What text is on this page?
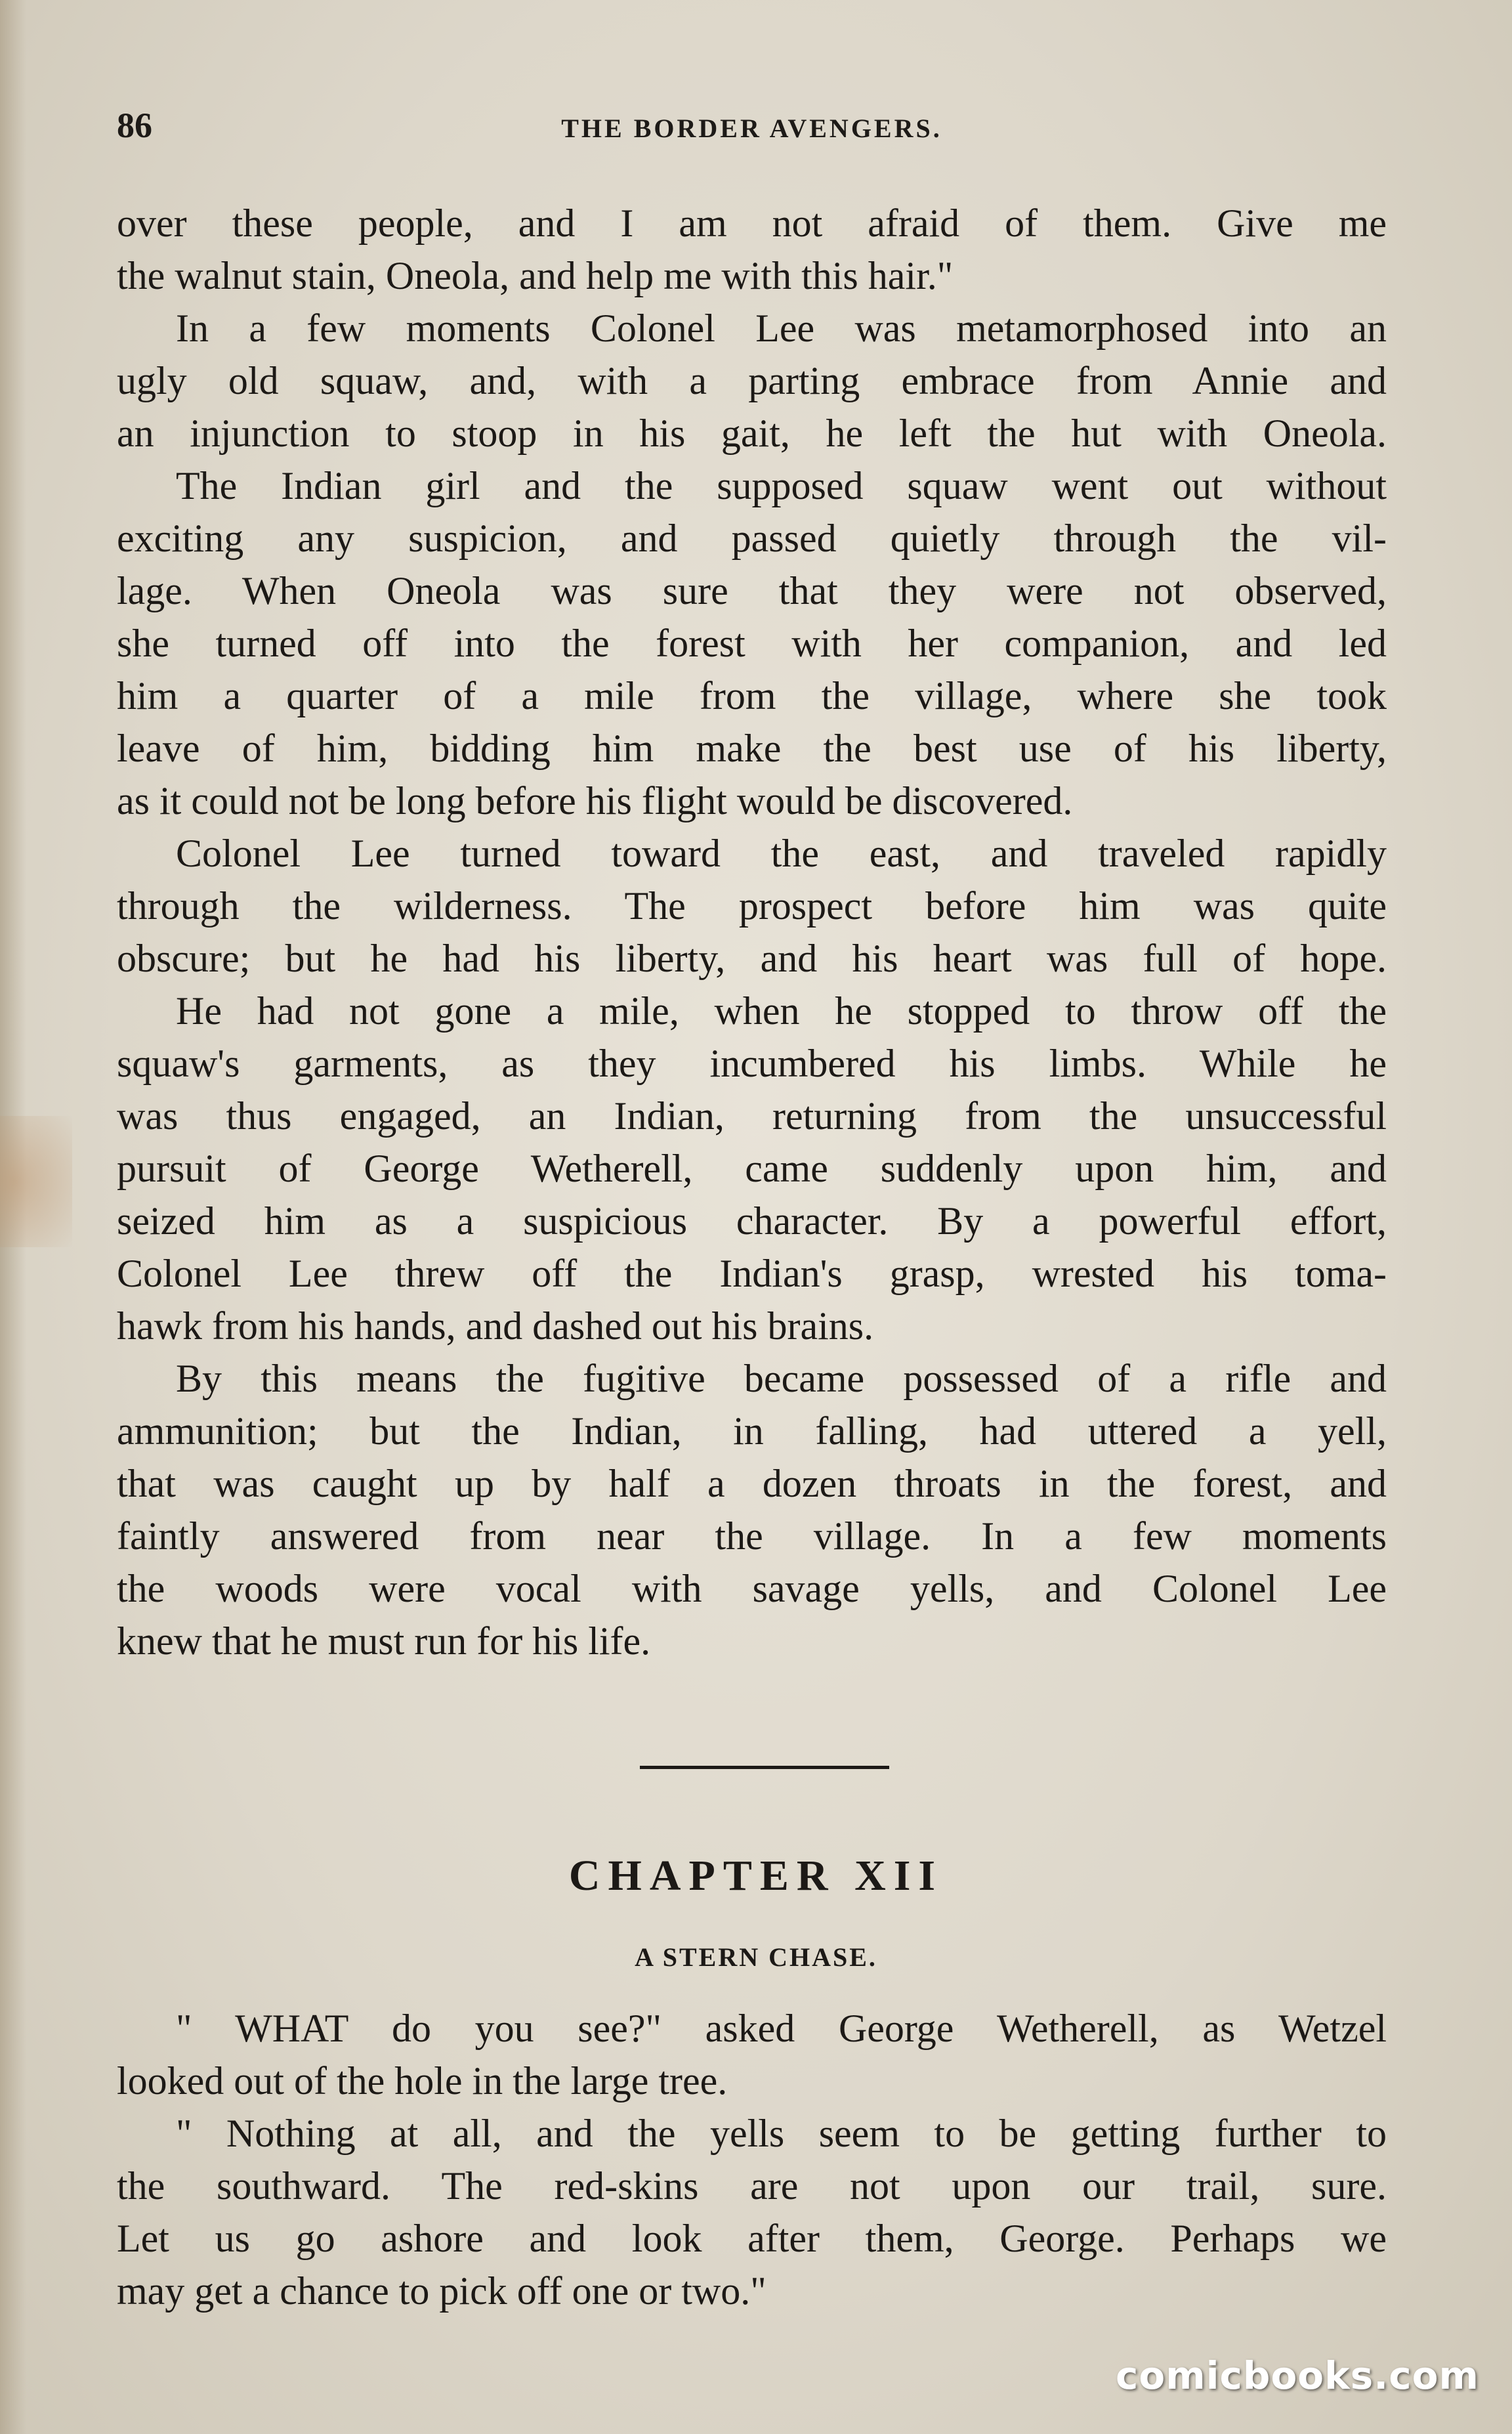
86	THE BORDER AVENGERS.
over these people, and I am not afraid of them. Give me
the walnut stain, Oneola, and help me with this hair."
In a few moments Colonel Lee was metamorphosed into an
ugly old squaw, and, with a parting embrace from Annie and
an injunction to stoop in his gait, he left the hut with Oneola.
The Indian girl and the supposed squaw went out without
exciting any suspicion, and passed quietly through the vil-
lage. When Oneola was sure that they were not observed,
she turned off into the forest with her companion, and led
him a quarter of a mile from the village, where she took
leave of him, bidding him make the best use of his liberty,
as it could not be long before his flight would be discovered.
Colonel Lee turned toward the east, and traveled rapidly
through the wilderness. The prospect before him was quite
obscure; but he had his liberty, and his heart was full of hope.
He had not gone a mile, when he stopped to throw off the
squaw's garments, as they incumbered his limbs. While he
was thus engaged, an Indian, returning from the unsuccessful
pursuit of George Wetherell, came suddenly upon him, and
seized him as a suspicious character. By a powerful effort,
Colonel Lee threw off the Indian's grasp, wrested his toma-
hawk from his hands, and dashed out his brains.
By this means the fugitive became possessed of a rifle and
ammunition; but the Indian, in falling, had uttered a yell,
that was caught up by half a dozen throats in the forest, and
faintly answered from near the village. In a few moments
the woods were vocal with savage yells, and Colonel Lee
knew that he must run for his life.
CHAPTER XII
A STERN CHASE.
" WHAT do you see?" asked George Wetherell, as Wetzel
looked out of the hole in the large tree.
" Nothing at all, and the yells seem to be getting further to
the southward. The red-skins are not upon our trail, sure.
Let us go ashore and look after them, George. Perhaps we
may get a chance to pick off one or two."
comicbooks.com
